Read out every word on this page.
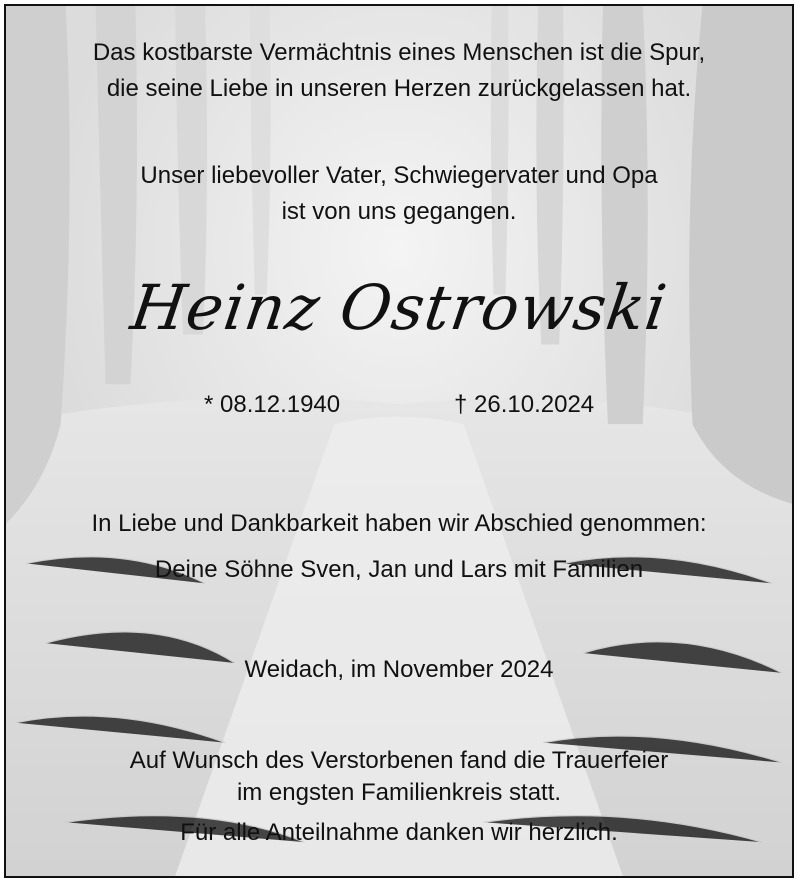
Das kostbarste Vermächtnis eines Menschen ist die Spur,
die seine Liebe in unseren Herzen zurückgelassen hat.
Unser liebevoller Vater, Schwiegervater und Opa
ist von uns gegangen.
Heinz Ostrowski
* 08.12.1940	† 26.10.2024
In Liebe und Dankbarkeit haben wir Abschied genommen:
Deine Söhne Sven, Jan und Lars mit Familien
Weidach, im November 2024
Auf Wunsch des Verstorbenen fand die Trauerfeier
im engsten Familienkreis statt.
Für alle Anteilnahme danken wir herzlich.
